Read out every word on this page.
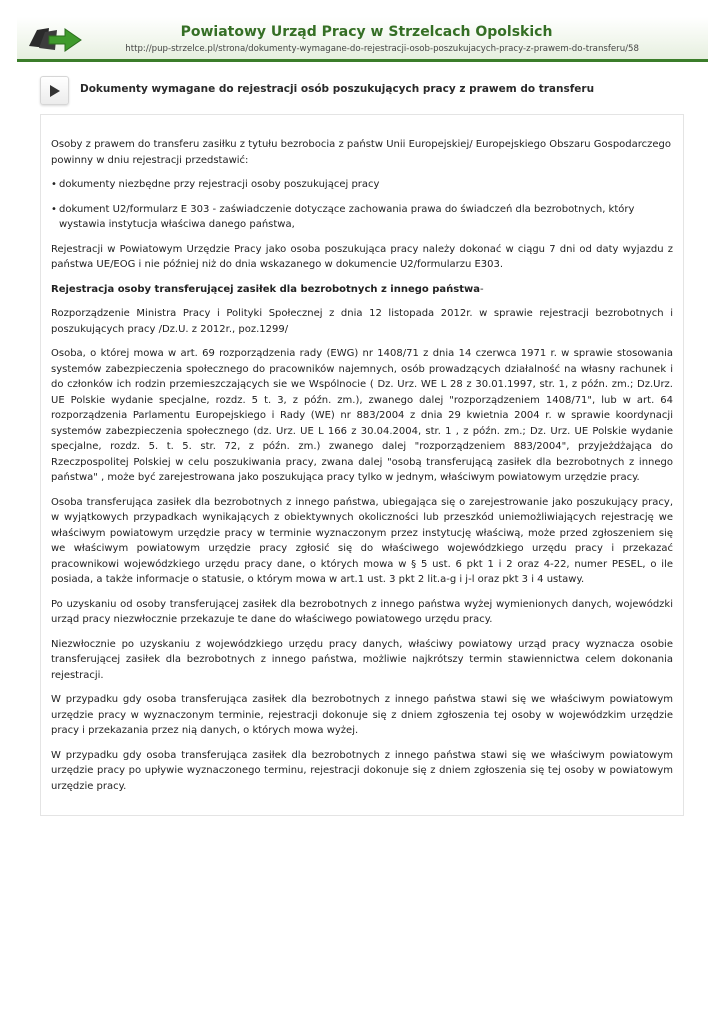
Powiatowy Urząd Pracy w Strzelcach Opolskich
http://pup-strzelce.pl/strona/dokumenty-wymagane-do-rejestracji-osob-poszukujacych-pracy-z-prawem-do-transferu/58
Dokumenty wymagane do rejestracji osób poszukujących pracy z prawem do transferu

Osoby z prawem do transferu zasiłku z tytułu bezrobocia z państw Unii Europejskiej/ Europejskiego Obszaru Gospodarczego powinny w dniu rejestracji przedstawić:

• dokumenty niezbędne przy rejestracji osoby poszukującej pracy
• dokument U2/formularz E 303 - zaświadczenie dotyczące zachowania prawa do świadczeń dla bezrobotnych, który wystawia instytucja właściwa danego państwa,

Rejestracji w Powiatowym Urzędzie Pracy jako osoba poszukująca pracy należy dokonać w ciągu 7 dni od daty wyjazdu z państwa UE/EOG i nie później niż do dnia wskazanego w dokumencie U2/formularzu E303.

Rejestracja osoby transferującej zasiłek dla bezrobotnych z innego państwa-

Rozporządzenie Ministra Pracy i Polityki Społecznej z dnia 12 listopada 2012r. w sprawie rejestracji bezrobotnych i poszukujących pracy /Dz.U. z 2012r., poz.1299/

Osoba, o której mowa w art. 69 rozporządzenia rady (EWG) nr 1408/71 z dnia 14 czerwca 1971 r. w sprawie stosowania systemów zabezpieczenia społecznego do pracowników najemnych, osób prowadzących działalność na własny rachunek i do członków ich rodzin przemieszczających sie we Wspólnocie ( Dz. Urz. WE L 28 z 30.01.1997, str. 1, z późn. zm.; Dz.Urz. UE Polskie wydanie specjalne, rozdz. 5 t. 3, z późn. zm.), zwanego dalej "rozporządzeniem 1408/71", lub w art. 64 rozporządzenia Parlamentu Europejskiego i Rady (WE) nr 883/2004 z dnia 29 kwietnia 2004 r. w sprawie koordynacji systemów zabezpieczenia społecznego (dz. Urz. UE L 166 z 30.04.2004, str. 1 , z późn. zm.; Dz. Urz. UE Polskie wydanie specjalne, rozdz. 5. t. 5. str. 72, z późn. zm.) zwanego dalej "rozporządzeniem 883/2004", przyjeżdżająca do Rzeczpospolitej Polskiej w celu poszukiwania pracy, zwana dalej "osobą transferującą zasiłek dla bezrobotnych z innego państwa" , może być zarejestrowana jako poszukująca pracy tylko w jednym, właściwym powiatowym urzędzie pracy.

Osoba transferująca zasiłek dla bezrobotnych z innego państwa, ubiegająca się o zarejestrowanie jako poszukujący pracy, w wyjątkowych przypadkach wynikających z obiektywnych okoliczności lub przeszkód uniemożliwiających rejestrację we właściwym powiatowym urzędzie pracy w terminie wyznaczonym przez instytucję właściwą, może przed zgłoszeniem się we właściwym powiatowym urzędzie pracy zgłosić się do właściwego wojewódzkiego urzędu pracy i przekazać pracownikowi wojewódzkiego urzędu pracy dane, o których mowa w § 5 ust. 6 pkt 1 i 2 oraz 4-22, numer PESEL, o ile posiada, a także informacje o statusie, o którym mowa w art.1 ust. 3 pkt 2 lit.a-g i j-l oraz pkt 3 i 4 ustawy.

Po uzyskaniu od osoby transferującej zasiłek dla bezrobotnych z innego państwa wyżej wymienionych danych, wojewódzki urząd pracy niezwłocznie przekazuje te dane do właściwego powiatowego urzędu pracy.

Niezwłocznie po uzyskaniu z wojewódzkiego urzędu pracy danych, właściwy powiatowy urząd pracy wyznacza osobie transferującej zasiłek dla bezrobotnych z innego państwa, możliwie najkrótszy termin stawiennictwa celem dokonania rejestracji.

W przypadku gdy osoba transferująca zasiłek dla bezrobotnych z innego państwa stawi się we właściwym powiatowym urzędzie pracy w wyznaczonym terminie, rejestracji dokonuje się z dniem zgłoszenia tej osoby w wojewódzkim urzędzie pracy i przekazania przez nią danych, o których mowa wyżej.

W przypadku gdy osoba transferująca zasiłek dla bezrobotnych z innego państwa stawi się we właściwym powiatowym urzędzie pracy po upływie wyznaczonego terminu, rejestracji dokonuje się z dniem zgłoszenia się tej osoby w powiatowym urzędzie pracy.
